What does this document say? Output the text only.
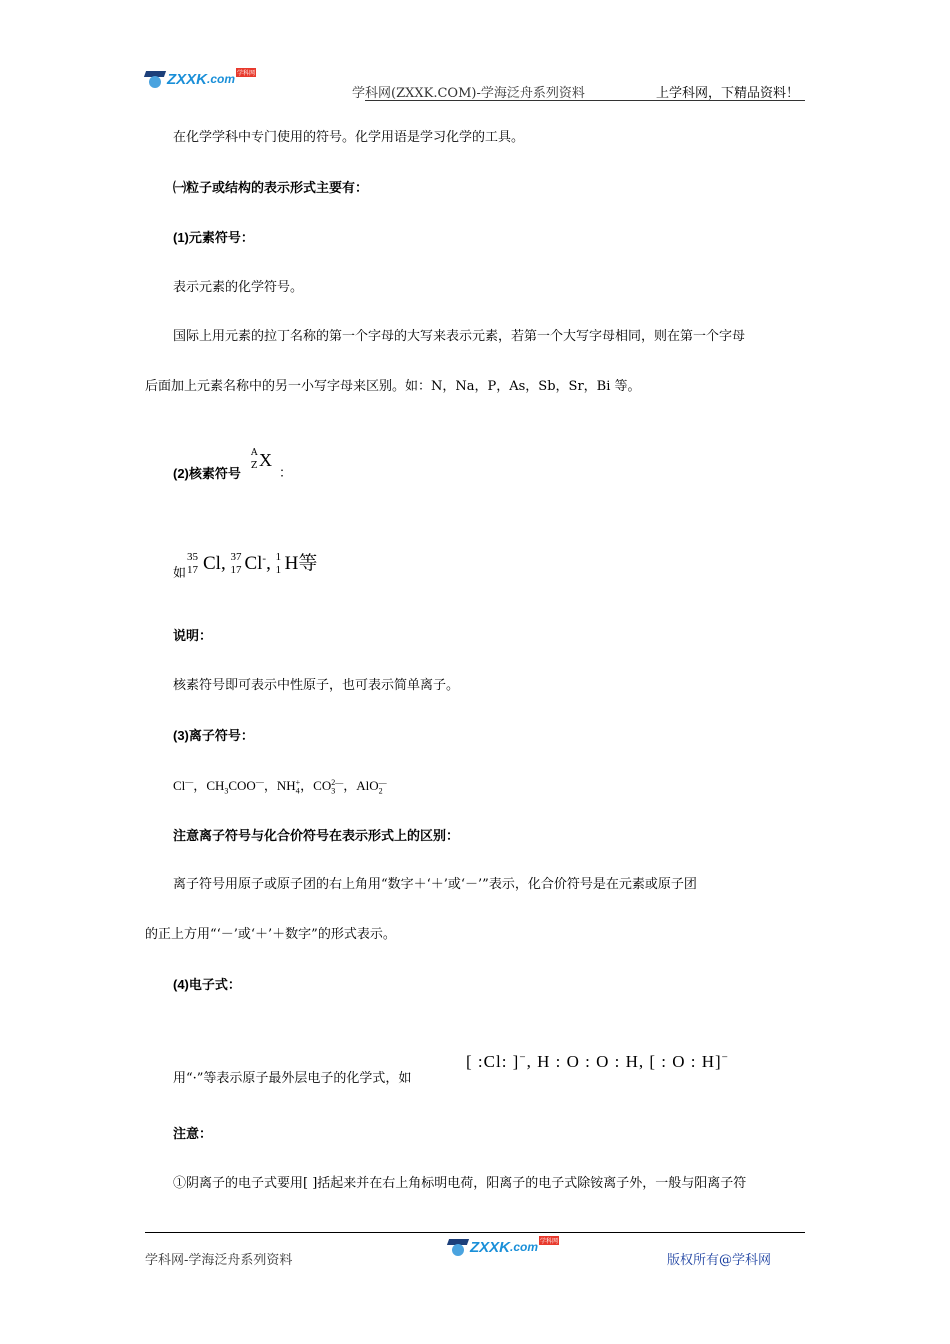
ZXXK .com 学科网
学科网(ZXXK.COM)-学海泛舟系列资料	上学科网，下精品资料！
在化学学科中专门使用的符号。化学用语是学习化学的工具。
㈠粒子或结构的表示形式主要有：
(1)元素符号：
表示元素的化学符号。
国际上用元素的拉丁名称的第一个字母的大写来表示元素，若第一个大写字母相同，则在第一个字母
后面加上元素名称中的另一小写字母来区别。如：N，Na，P，As，Sb，Sr，Bi 等。
(2)核素符号
A
Z X
：
如
35
17 Cl, 37
17 Cl-, 1
1 H等
说明：
核素符号即可表示中性原子，也可表示简单离子。
(3)离子符号：
Cl—，$CH_3COO^—$，$NH_4^+$，$CO_3^{2—}$，AlO$_2$—
注意离子符号与化合价符号在表示形式上的区别：
离子符号用原子或原子团的右上角用“数字＋‘＋’或‘－’”表示，化合价符号是在元素或原子团
的正上方用“‘－’或‘＋’＋数字”的形式表示。
(4)电子式：
用“·”等表示原子最外层电子的化学式，如
[ :Cl: ]−, H : O : O : H, [ : O : H]−
注意：
①阴离子的电子式要用[ ]括起来并在右上角标明电荷，阳离子的电子式除铵离子外，一般与阳离子符
学科网-学海泛舟系列资料
ZXXK .com 学科网
版权所有@学科网
